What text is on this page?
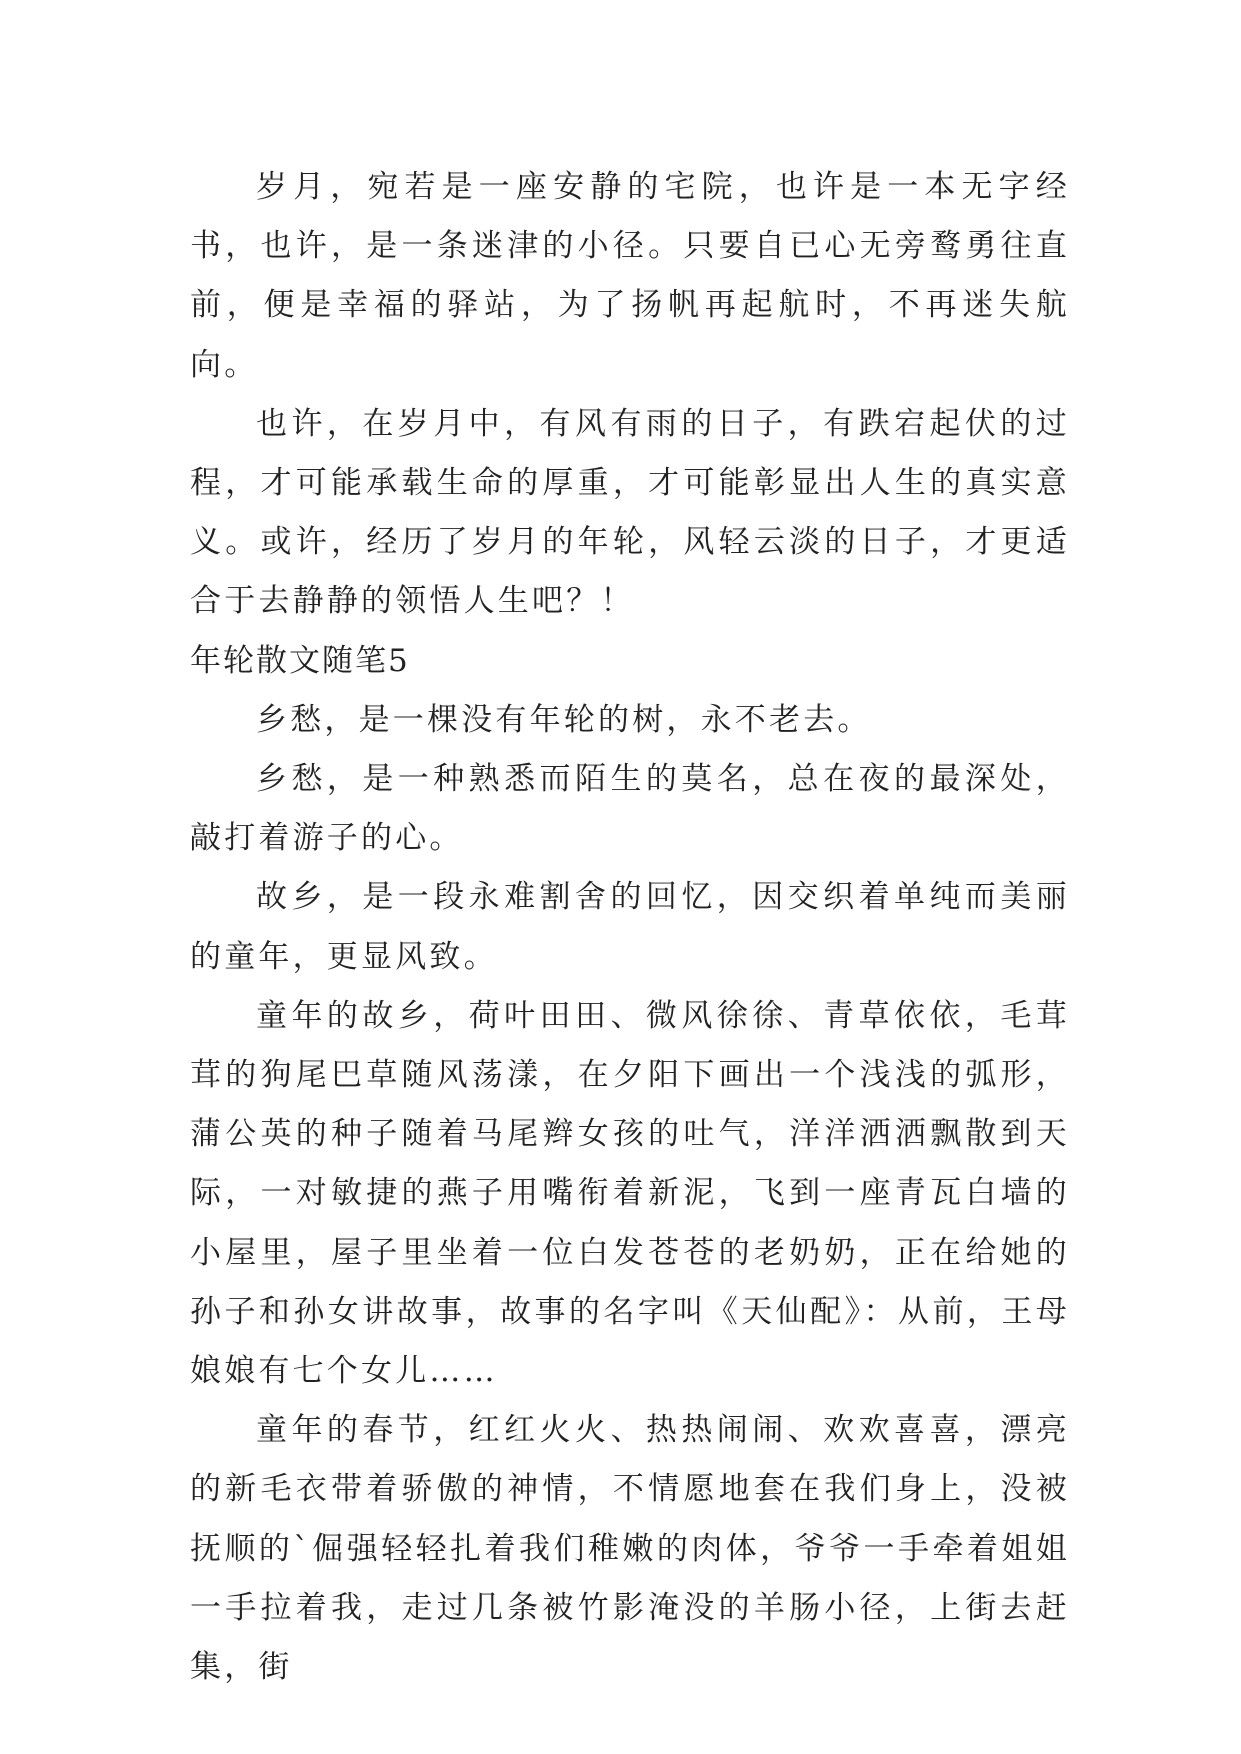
岁月，宛若是一座安静的宅院，也许是一本无字经书，也许，是一条迷津的小径。只要自已心无旁鹜勇往直前，便是幸福的驿站，为了扬帆再起航时，不再迷失航向。

也许，在岁月中，有风有雨的日子，有跌宕起伏的过程，才可能承载生命的厚重，才可能彰显出人生的真实意义。或许，经历了岁月的年轮，风轻云淡的日子，才更适合于去静静的领悟人生吧？！

年轮散文随笔5

乡愁，是一棵没有年轮的树，永不老去。

乡愁，是一种熟悉而陌生的莫名，总在夜的最深处，敲打着游子的心。

故乡，是一段永难割舍的回忆，因交织着单纯而美丽的童年，更显风致。

童年的故乡，荷叶田田、微风徐徐、青草依依，毛茸茸的狗尾巴草随风荡漾，在夕阳下画出一个浅浅的弧形，蒲公英的种子随着马尾辫女孩的吐气，洋洋洒洒飘散到天际，一对敏捷的燕子用嘴衔着新泥，飞到一座青瓦白墙的小屋里，屋子里坐着一位白发苍苍的老奶奶，正在给她的孙子和孙女讲故事，故事的名字叫《天仙配》：从前，王母娘娘有七个女儿……

童年的春节，红红火火、热热闹闹、欢欢喜喜，漂亮的新毛衣带着骄傲的神情，不情愿地套在我们身上，没被抚顺的`倔强轻轻扎着我们稚嫩的肉体，爷爷一手牵着姐姐一手拉着我，走过几条被竹影淹没的羊肠小径，上街去赶集，街
